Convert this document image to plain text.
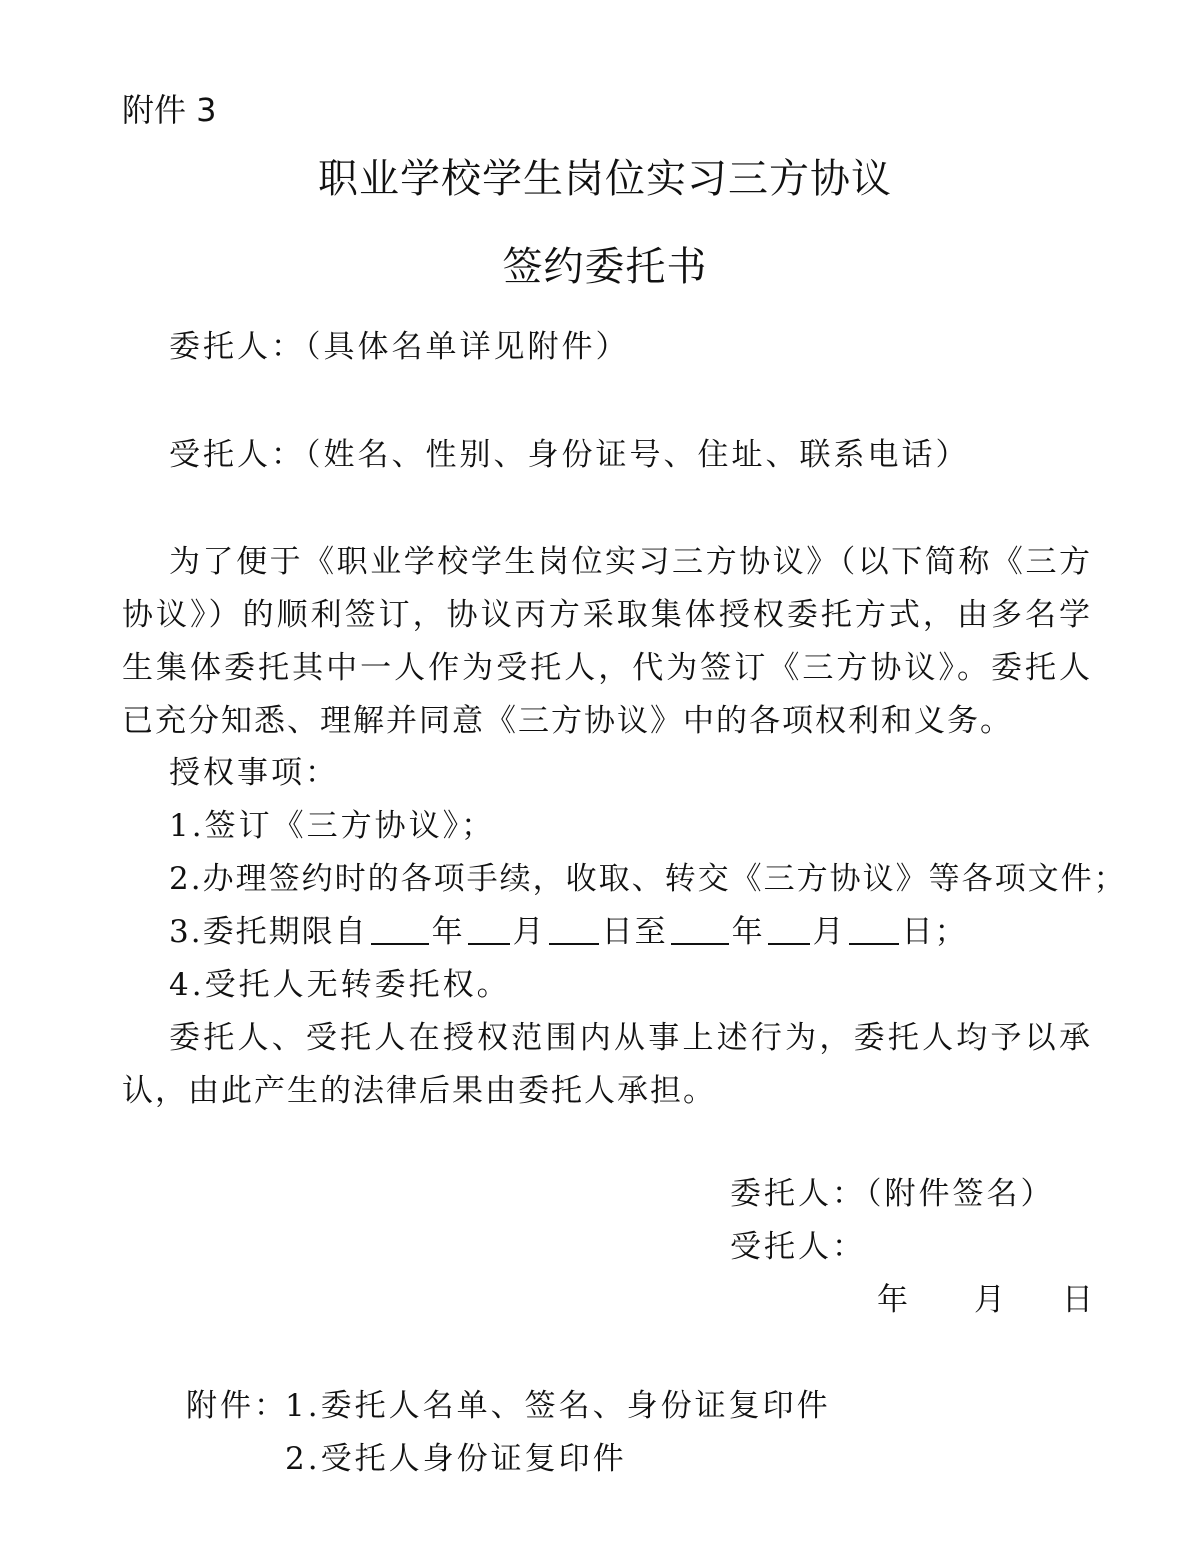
附件 3
职业学校学生岗位实习三方协议
签约委托书
委托人：（具体名单详见附件）
受托人：（姓名、性别、身份证号、住址、联系电话）

为了便于《职业学校学生岗位实习三方协议》（以下简称《三方协议》）的顺利签订，协议丙方采取集体授权委托方式，由多名学生集体委托其中一人作为受托人，代为签订《三方协议》。委托人已充分知悉、理解并同意《三方协议》中的各项权利和义务。

授权事项：
1.签订《三方协议》；
2.办理签约时的各项手续，收取、转交《三方协议》等各项文件；
3.委托期限自 年 月 日至 年 月 日；
4.受托人无转委托权。

委托人、受托人在授权范围内从事上述行为，委托人均予以承认，由此产生的法律后果由委托人承担。

委托人：（附件签名）
受托人：
年 月 日
附件：
1.委托人名单、签名、身份证复印件
2.受托人身份证复印件
